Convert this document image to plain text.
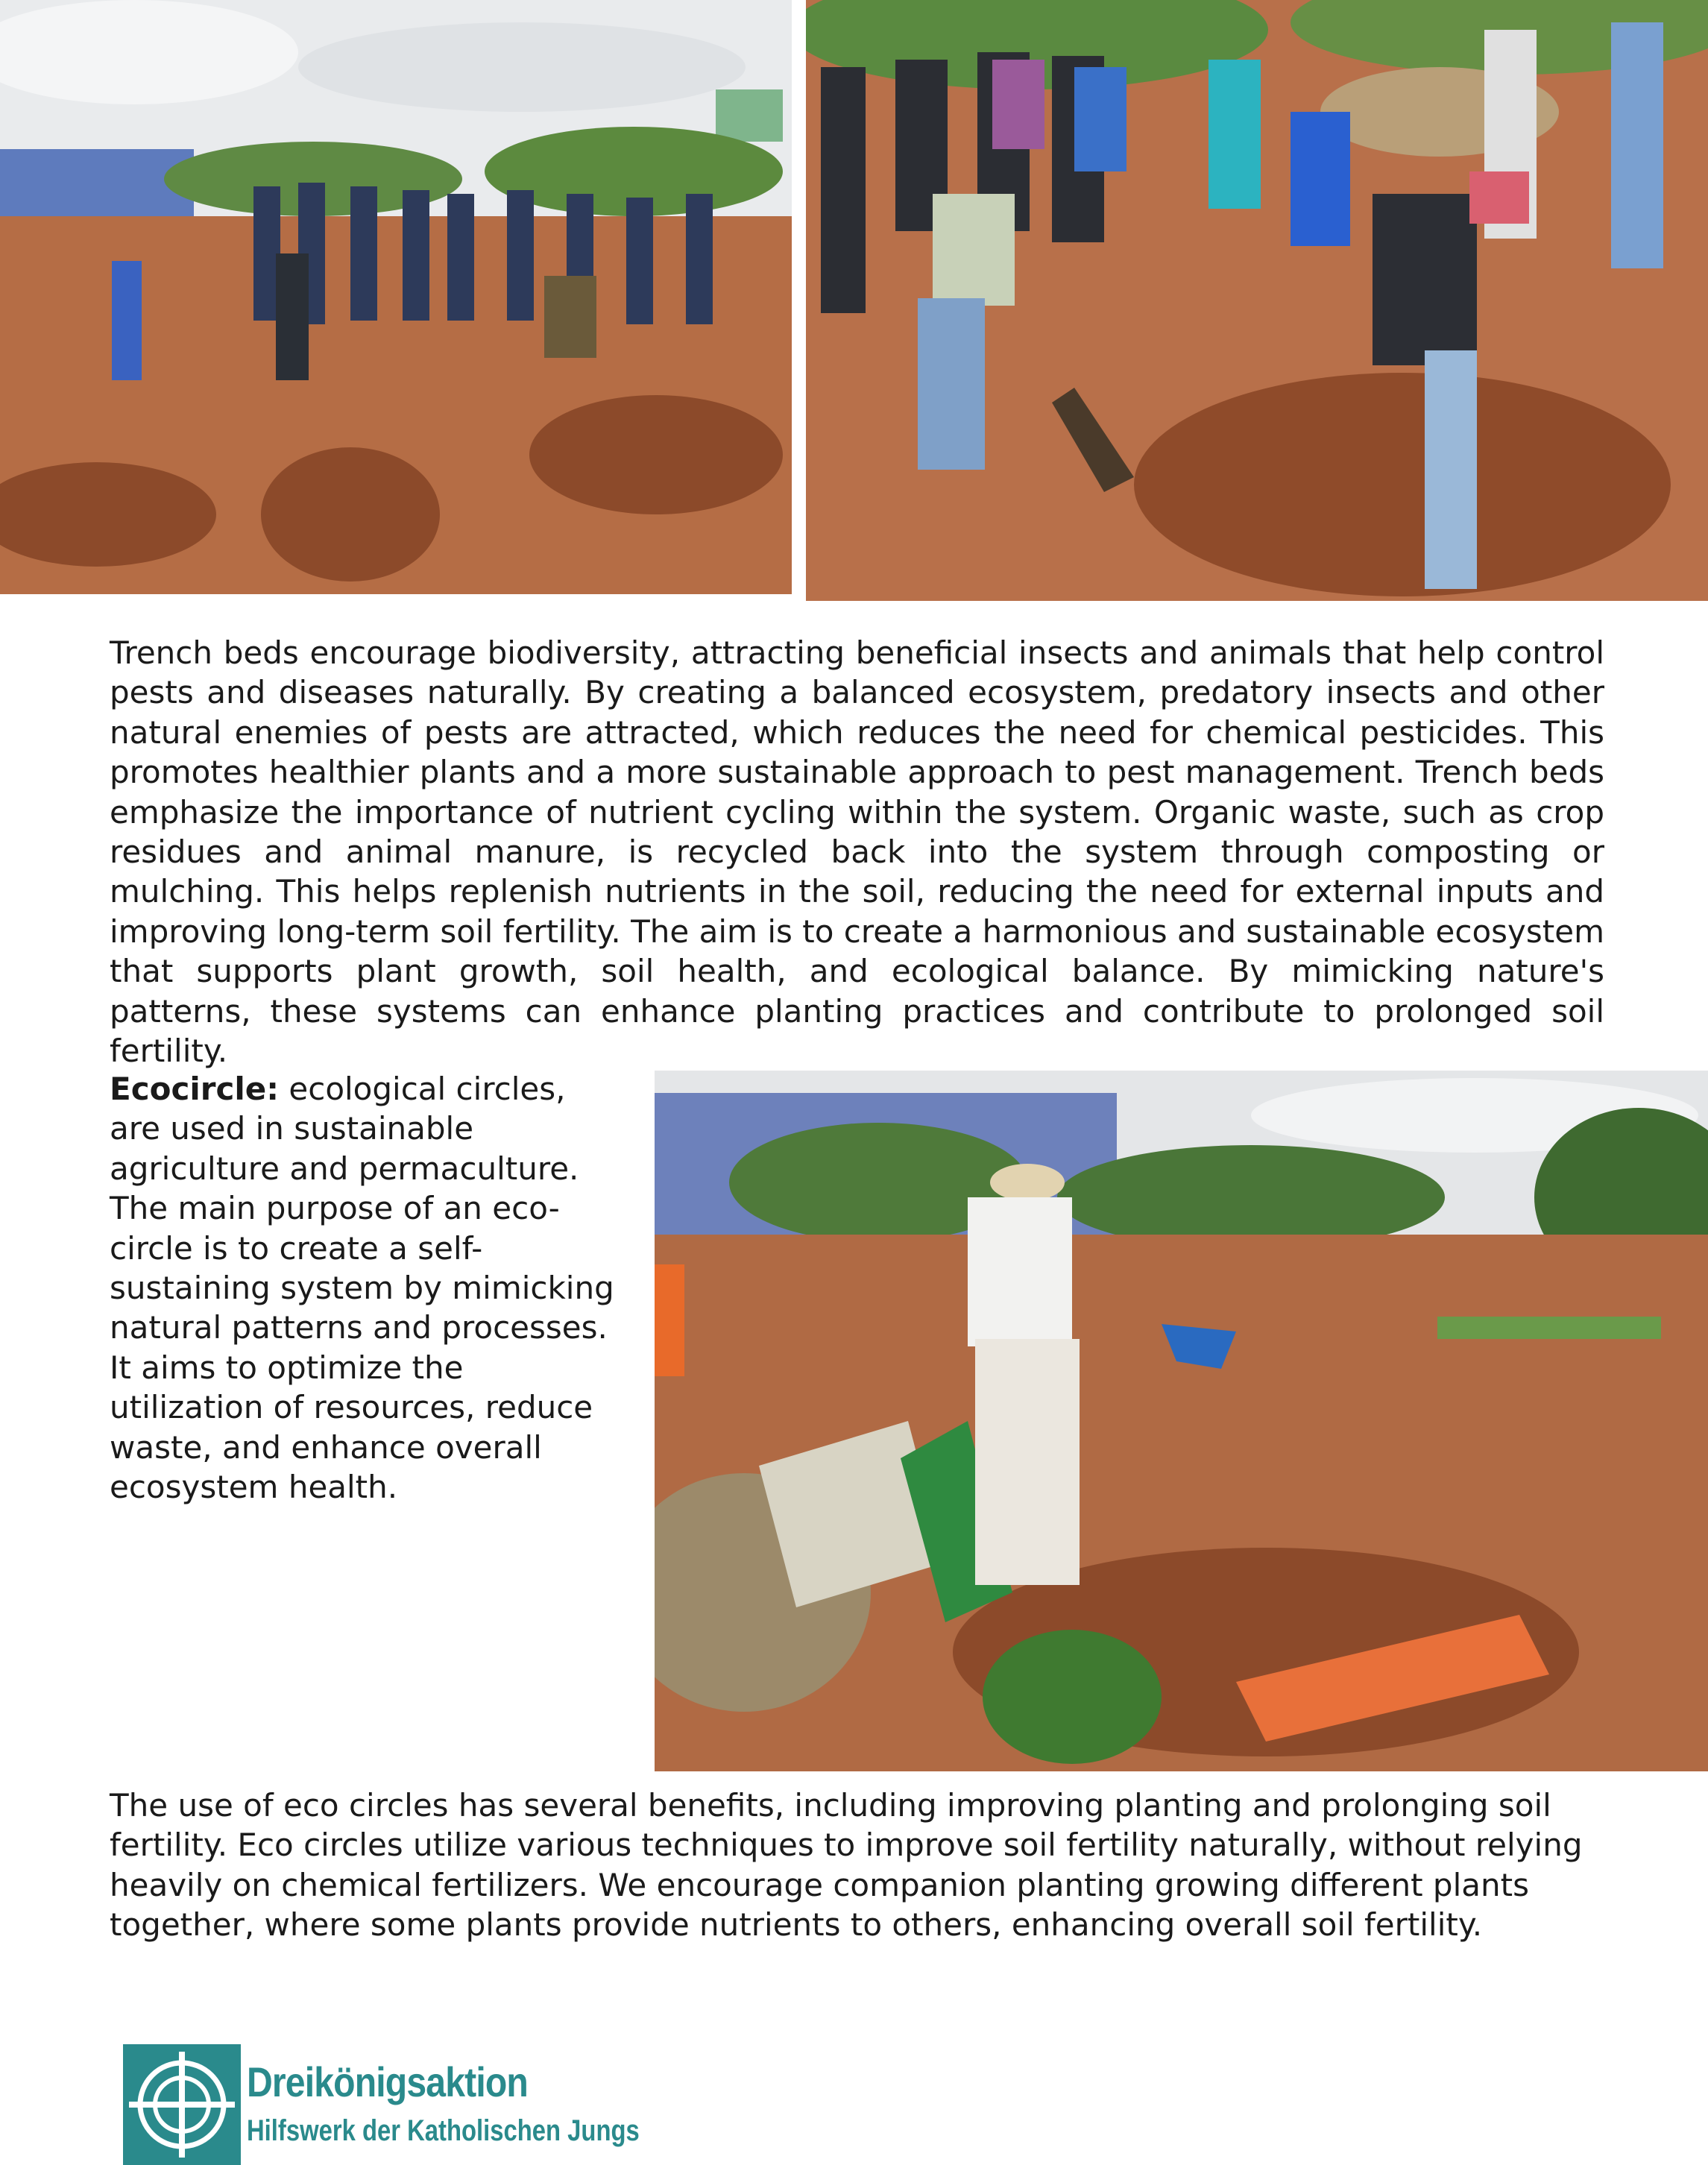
Trench beds encourage biodiversity, attracting beneficial insects and animals that help control pests and diseases naturally. By creating a balanced ecosystem, predatory insects and other natural enemies of pests are attracted, which reduces the need for chemical pesticides. This promotes healthier plants and a more sustainable approach to pest management. Trench beds emphasize the importance of nutrient cycling within the system. Organic waste, such as crop residues and animal manure, is recycled back into the system through composting or mulching. This helps replenish nutrients in the soil, reducing the need for external inputs and improving long-term soil fertility. The aim is to create a harmonious and sustainable ecosystem that supports plant growth, soil health, and ecological balance. By mimicking nature's patterns, these systems can enhance planting practices and contribute to prolonged soil fertility.

Ecocircle: ecological circles, are used in sustainable agriculture and permaculture. The main purpose of an eco-circle is to create a self-sustaining system by mimicking natural patterns and processes. It aims to optimize the utilization of resources, reduce waste, and enhance overall ecosystem health.

The use of eco circles has several benefits, including improving planting and prolonging soil fertility. Eco circles utilize various techniques to improve soil fertility naturally, without relying heavily on chemical fertilizers. We encourage companion planting growing different plants together, where some plants provide nutrients to others, enhancing overall soil fertility.

Dreikönigsaktion
Hilfswerk der Katholischen Jungs
